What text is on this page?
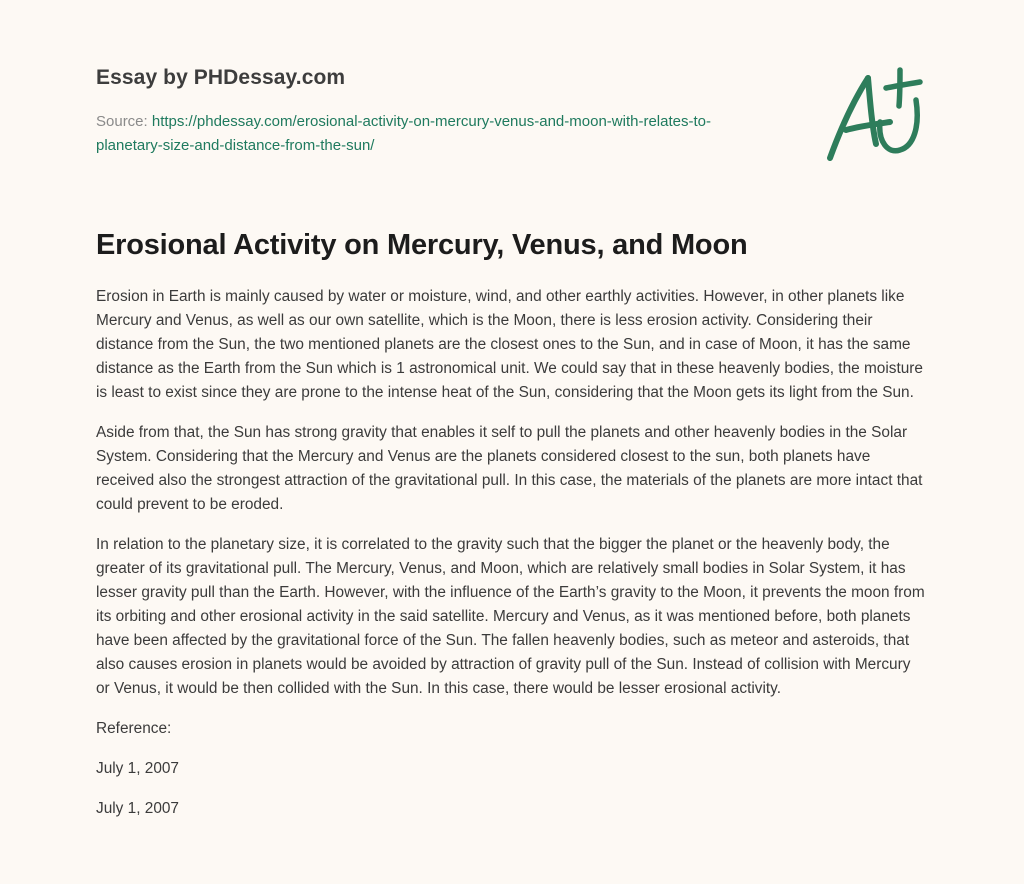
Essay by PHDessay.com
Source: https://phdessay.com/erosional-activity-on-mercury-venus-and-moon-with-relates-to-planetary-size-and-distance-from-the-sun/
Erosional Activity on Mercury, Venus, and Moon

Erosion in Earth is mainly caused by water or moisture, wind, and other earthly activities. However, in other planets like Mercury and Venus, as well as our own satellite, which is the Moon, there is less erosion activity. Considering their distance from the Sun, the two mentioned planets are the closest ones to the Sun, and in case of Moon, it has the same distance as the Earth from the Sun which is 1 astronomical unit. We could say that in these heavenly bodies, the moisture is least to exist since they are prone to the intense heat of the Sun, considering that the Moon gets its light from the Sun.

Aside from that, the Sun has strong gravity that enables it self to pull the planets and other heavenly bodies in the Solar System. Considering that the Mercury and Venus are the planets considered closest to the sun, both planets have received also the strongest attraction of the gravitational pull. In this case, the materials of the planets are more intact that could prevent to be eroded.

In relation to the planetary size, it is correlated to the gravity such that the bigger the planet or the heavenly body, the greater of its gravitational pull. The Mercury, Venus, and Moon, which are relatively small bodies in Solar System, it has lesser gravity pull than the Earth. However, with the influence of the Earth’s gravity to the Moon, it prevents the moon from its orbiting and other erosional activity in the said satellite. Mercury and Venus, as it was mentioned before, both planets have been affected by the gravitational force of the Sun. The fallen heavenly bodies, such as meteor and asteroids, that also causes erosion in planets would be avoided by attraction of gravity pull of the Sun. Instead of collision with Mercury or Venus, it would be then collided with the Sun. In this case, there would be lesser erosional activity.

Reference:

July 1, 2007

July 1, 2007
